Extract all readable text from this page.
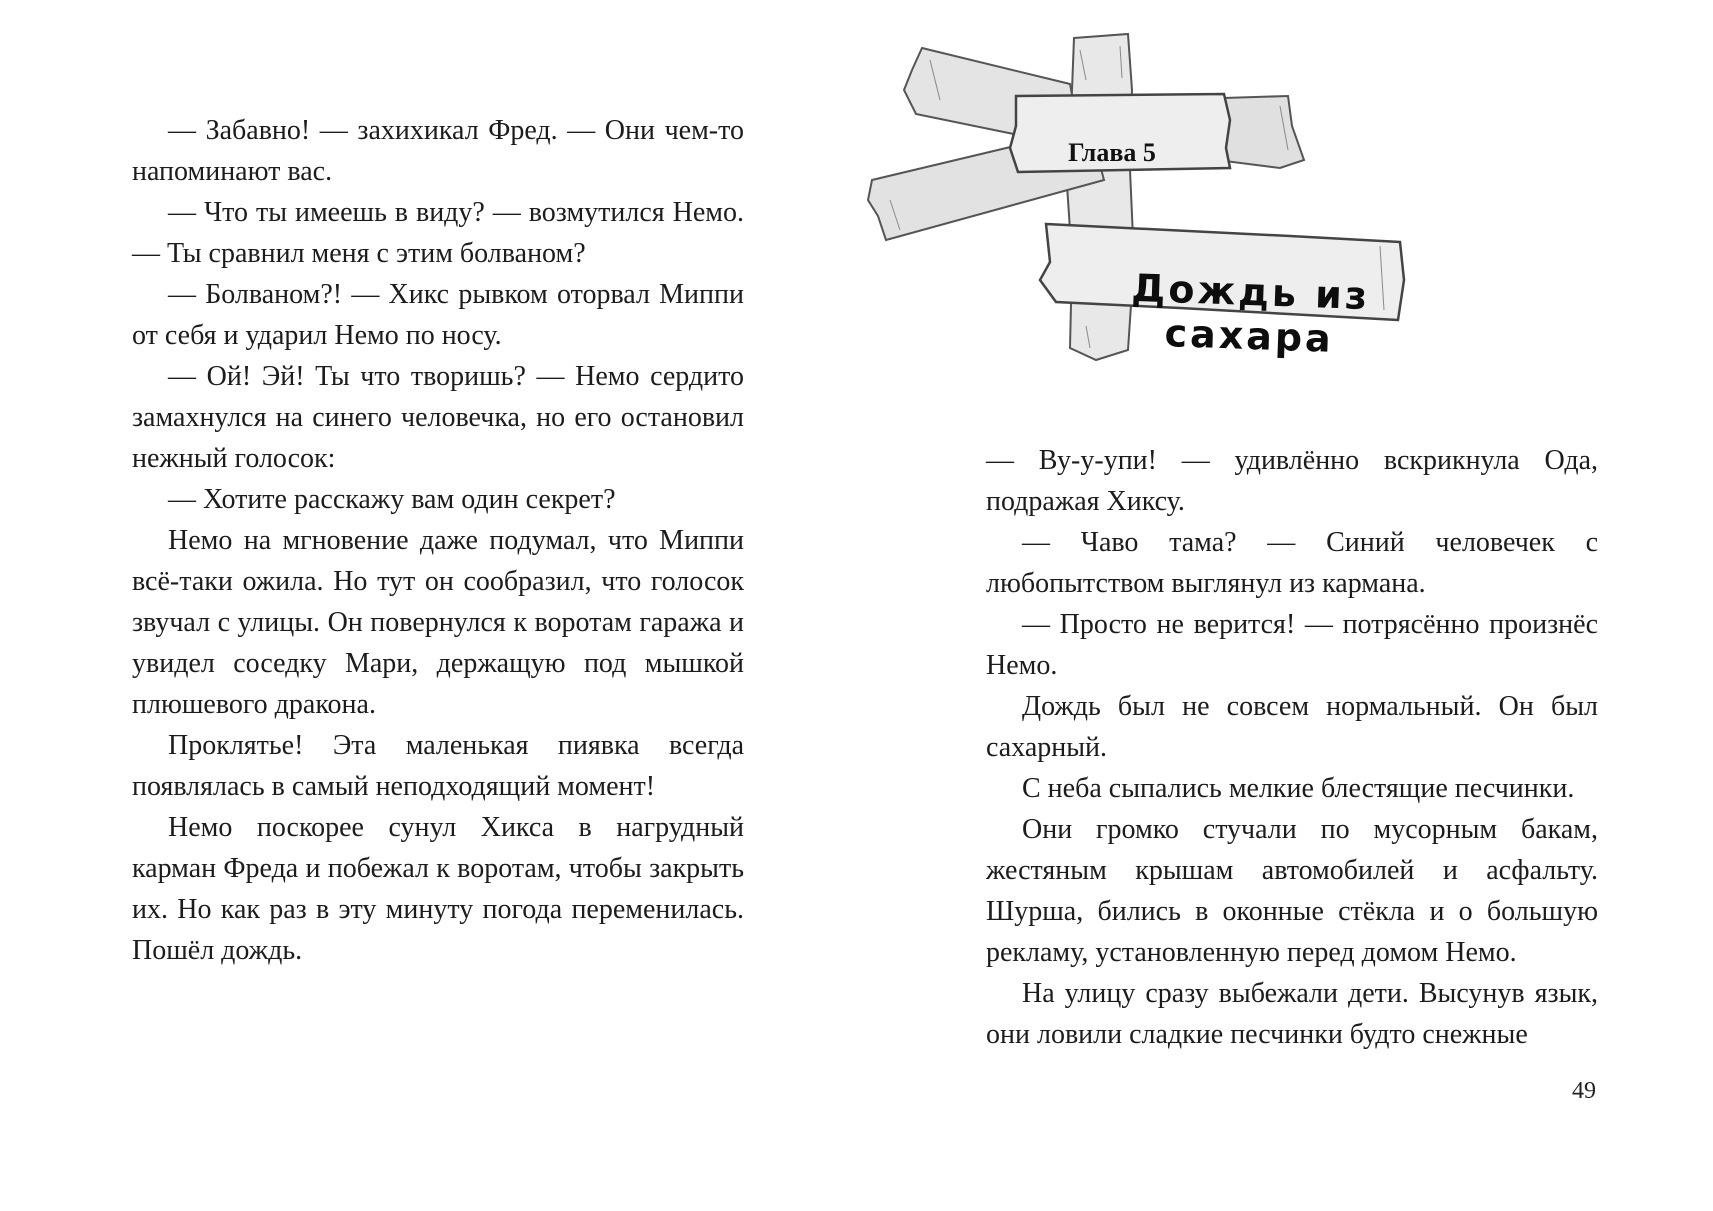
— Забавно! — захихикал Фред. — Они чем-то напоминают вас.

— Что ты имеешь в виду? — возмутился Немо. — Ты сравнил меня с этим болваном?

— Болваном?! — Хикс рывком оторвал Миппи от себя и ударил Немо по носу.

— Ой! Эй! Ты что творишь? — Немо сердито замахнулся на синего человечка, но его остановил нежный голосок:

— Хотите расскажу вам один секрет?

Немо на мгновение даже подумал, что Миппи всё-таки ожила. Но тут он сообразил, что голосок звучал с улицы. Он повернулся к воротам гаража и увидел соседку Мари, держащую под мышкой плюшевого дракона.

Проклятье! Эта маленькая пиявка всегда появлялась в самый неподходящий момент!

Немо поскорее сунул Хикса в нагрудный карман Фреда и побежал к воротам, чтобы закрыть их. Но как раз в эту минуту погода переменилась. Пошёл дождь.

Глава 5
Дождь из сахара

— Ву-у-упи! — удивлённо вскрикнула Ода, подражая Хиксу.

— Чаво тама? — Синий человечек с любопытством выглянул из кармана.

— Просто не верится! — потрясённо произнёс Немо.

Дождь был не совсем нормальный. Он был сахарный.

С неба сыпались мелкие блестящие песчинки.

Они громко стучали по мусорным бакам, жестяным крышам автомобилей и асфальту. Шурша, бились в оконные стёкла и о большую рекламу, установленную перед домом Немо.

На улицу сразу выбежали дети. Высунув язык, они ловили сладкие песчинки будто снежные

49
